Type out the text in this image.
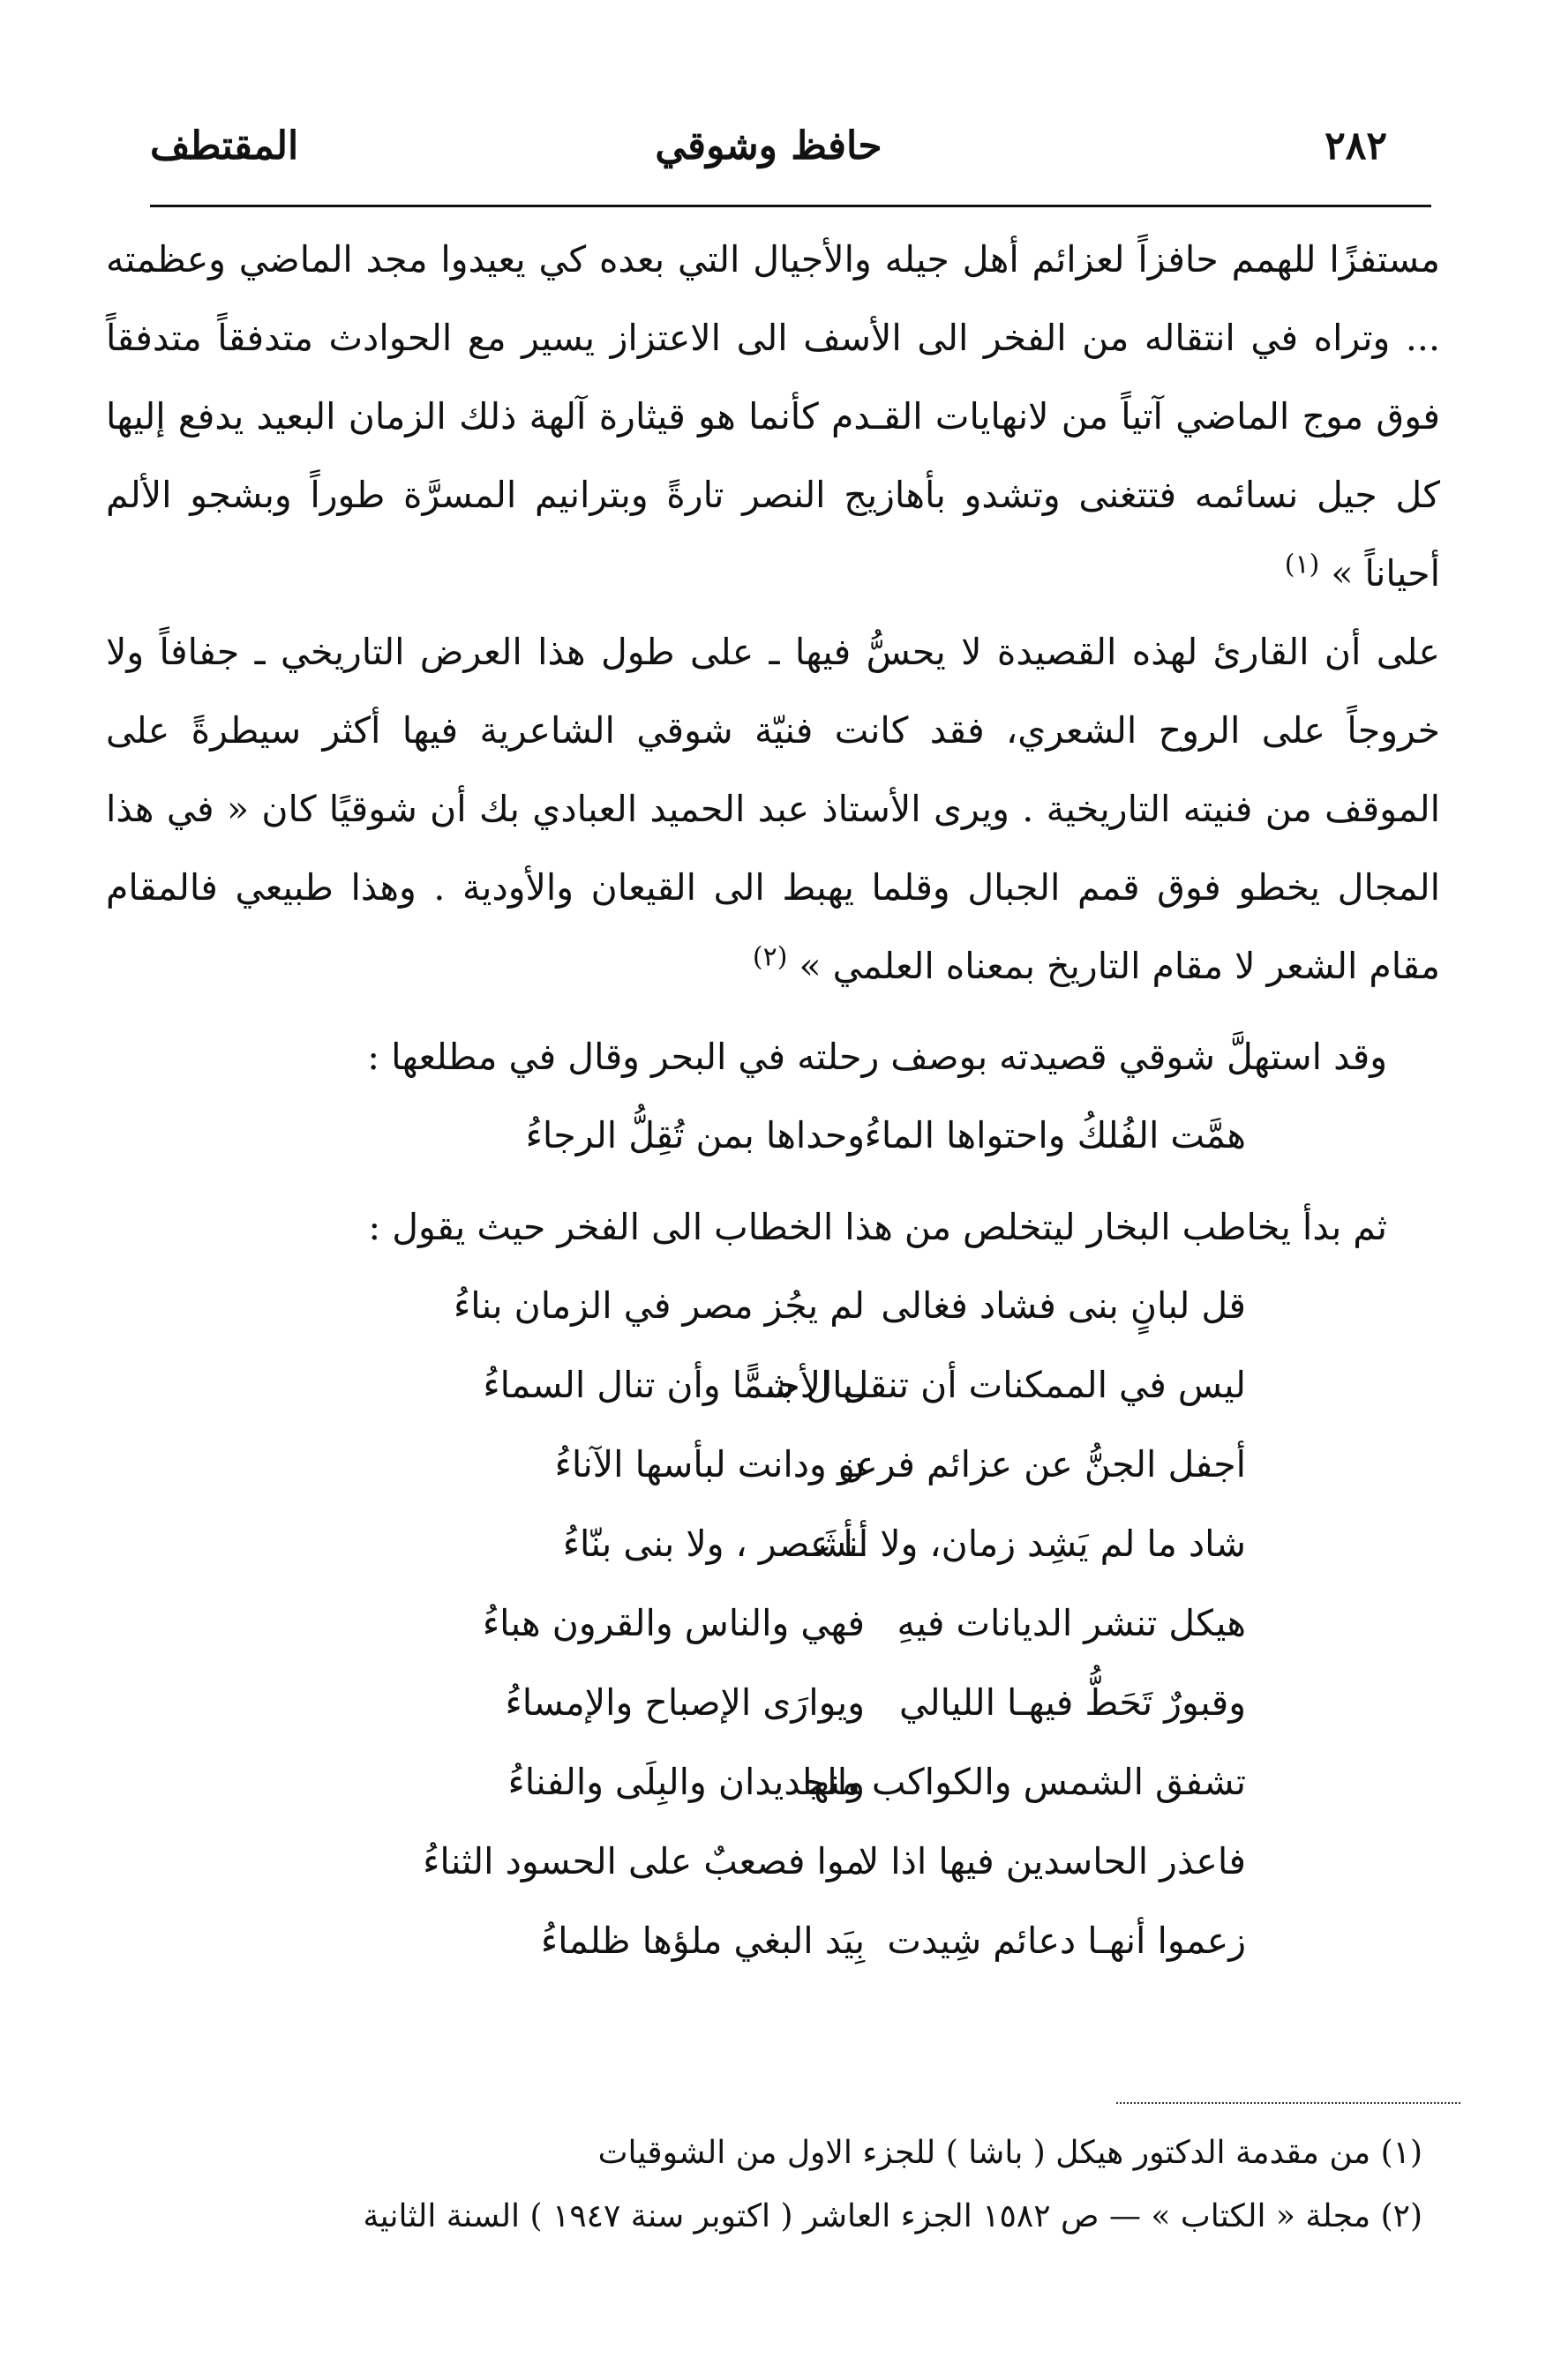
٢٨٢
حافظ وشوقي
المقتطف

مستفزًا للهمم حافزاً لعزائم أهل جيله والأجيال التي بعده كي يعيدوا مجد الماضي وعظمته ... وتراه في انتقاله من الفخر الى الأسف الى الاعتزاز يسير مع الحوادث متدفقاً متدفقاً فوق موج الماضي آتياً من لانهايات القـدم كأنما هو قيثارة آلهة ذلك الزمان البعيد يدفع إليها كل جيل نسائمه فتتغنى وتشدو بأهازيج النصر تارةً وبترانيم المسرَّة طوراً وبشجو الألم أحياناً » $^{(١)}$

على أن القارئ لهذه القصيدة لا يحسُّ فيها ـ على طول هذا العرض التاريخي ـ جفافاً ولا خروجاً على الروح الشعري، فقد كانت فنيّة شوقي الشاعرية فيها أكثر سيطرةً على الموقف من فنيته التاريخية . ويرى الأستاذ عبد الحميد العبادي بك أن شوقيًا كان « في هذا المجال يخطو فوق قمم الجبال وقلما يهبط الى القيعان والأودية . وهذا طبيعي فالمقام مقام الشعر لا مقام التاريخ بمعناه العلمي » $^{(٢)}$

وقد استهلَّ شوقي قصيدته بوصف رحلته في البحر وقال في مطلعها :

همَّت الفُلكُ واحتواها الماءُ
وحداها بمن تُقِلُّ الرجاءُ

ثم بدأ يخاطب البخار ليتخلص من هذا الخطاب الى الفخر حيث يقول :

قل لبانٍ بنى فشاد فغالى
لم يجُز مصر في الزمان بناءُ
ليس في الممكنات أن تنقل الأجـ
ـبال شمًّا وأن تنال السماءُ
أجفل الجنُّ عن عزائم فرعو
ن ودانت لبأسها الآناءُ
شاد ما لم يَشِد زمان، ولا أنشَـ
ـأ عصر ، ولا بنى بنّاءُ
هيكل تنشر الديانات فيهِ
فهي والناس والقرون هباءُ
وقبورٌ تَحَطُّ فيهـا الليالي
ويوارَى الإصباح والإمساءُ
تشفق الشمس والكواكب منها
والجديدان والبِلَى والفناءُ
فاعذر الحاسدين فيها اذا لا
موا فصعبٌ على الحسود الثناءُ
زعموا أنهـا دعائم شِيدت
بِيَد البغي ملؤها ظلماءُ
(١) من مقدمة الدكتور هيكل ( باشا ) للجزء الاول من الشوقيات
(٢) مجلة « الكتاب » — ص ١٥٨٢ الجزء العاشر ( اكتوبر سنة ١٩٤٧ ) السنة الثانية
